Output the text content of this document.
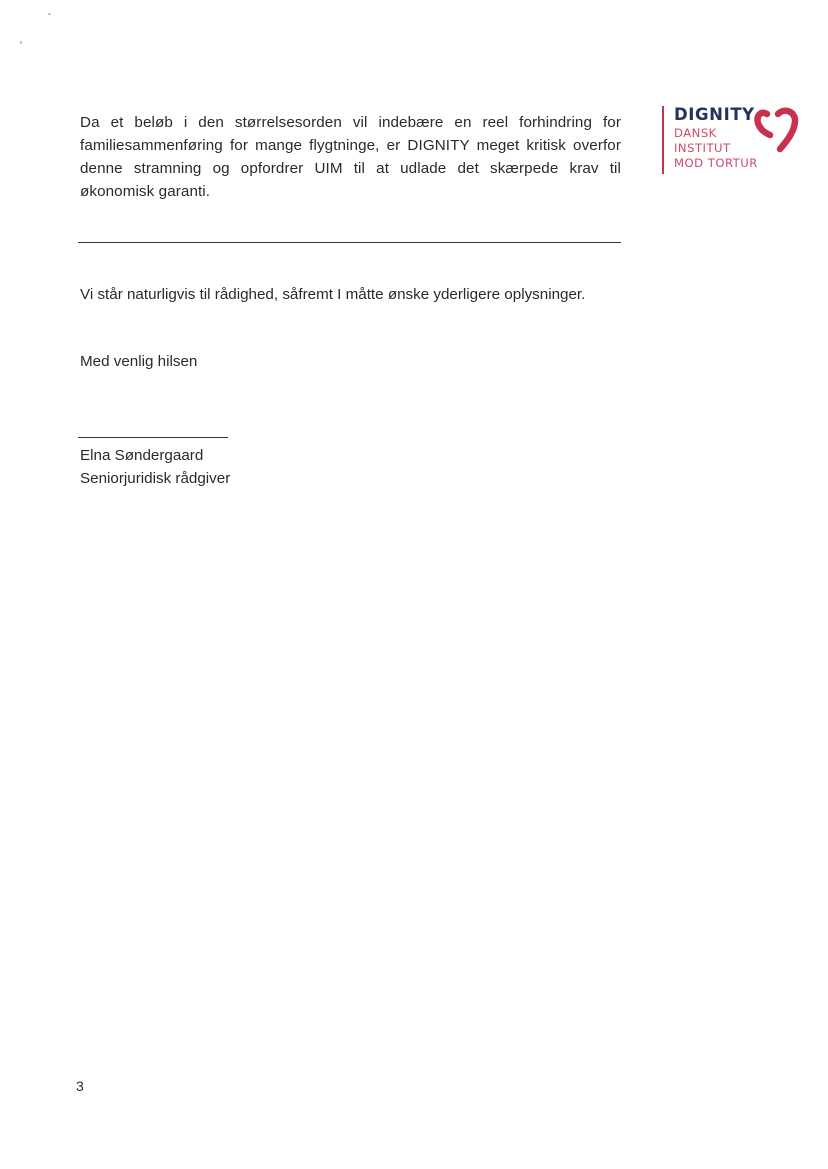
DIGNITY
DANSK
INSTITUT
MOD TORTUR
Da et beløb i den størrelsesorden vil indebære en reel forhindring for familiesammenføring for mange flygtninge, er DIGNITY meget kritisk overfor denne stramning og opfordrer UIM til at udlade det skærpede krav til økonomisk garanti.
Vi står naturligvis til rådighed, såfremt I måtte ønske yderligere oplysninger.
Med venlig hilsen
Elna Søndergaard
Seniorjuridisk rådgiver
3
